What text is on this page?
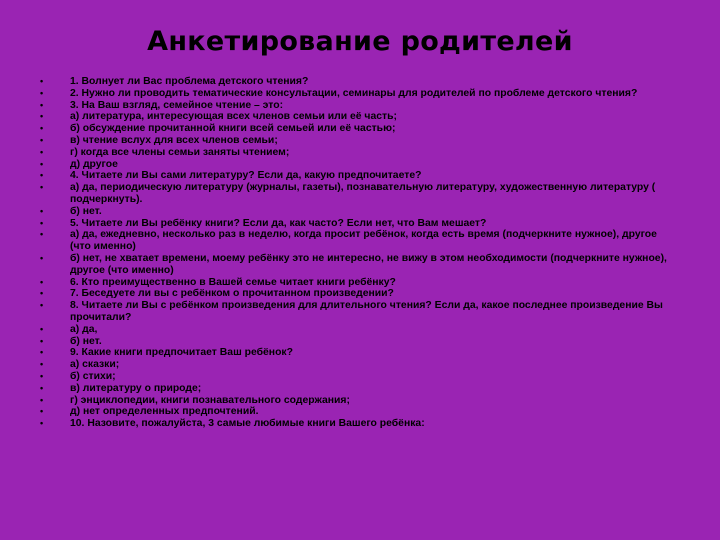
Анкетирование родителей
• 1. Волнует ли Вас проблема детского чтения?
• 2. Нужно ли проводить тематические консультации, семинары для родителей по проблеме детского чтения?
• 3. На Ваш взгляд, семейное чтение – это:
• а) литература, интересующая всех членов семьи или её часть;
• б) обсуждение прочитанной книги всей семьей или её частью;
• в) чтение вслух для всех членов семьи;
• г) когда все члены семьи заняты чтением;
• д) другое
• 4. Читаете ли Вы сами литературу? Если да, какую предпочитаете?
• а) да, периодическую литературу (журналы, газеты), познавательную литературу, художественную литературу ( подчеркнуть).
• б) нет.
• 5. Читаете ли Вы ребёнку книги? Если да, как часто? Если нет, что Вам мешает?
• а) да, ежедневно, несколько раз в неделю, когда просит ребёнок, когда есть время (подчеркните нужное), другое (что именно)
• б) нет, не хватает времени, моему ребёнку это не интересно, не вижу в этом необходимости (подчеркните нужное), другое (что именно)
• 6. Кто преимущественно в Вашей семье читает книги ребёнку?
• 7. Беседуете ли вы с ребёнком о прочитанном произведении?
• 8. Читаете ли Вы с ребёнком произведения для длительного чтения? Если да, какое последнее произведение Вы прочитали?
• а) да,
• б) нет.
• 9. Какие книги предпочитает Ваш ребёнок?
• а) сказки;
• б) стихи;
• в) литературу о природе;
• г) энциклопедии, книги познавательного содержания;
• д) нет определенных предпочтений.
• 10. Назовите, пожалуйста, 3 самые любимые книги Вашего ребёнка:
